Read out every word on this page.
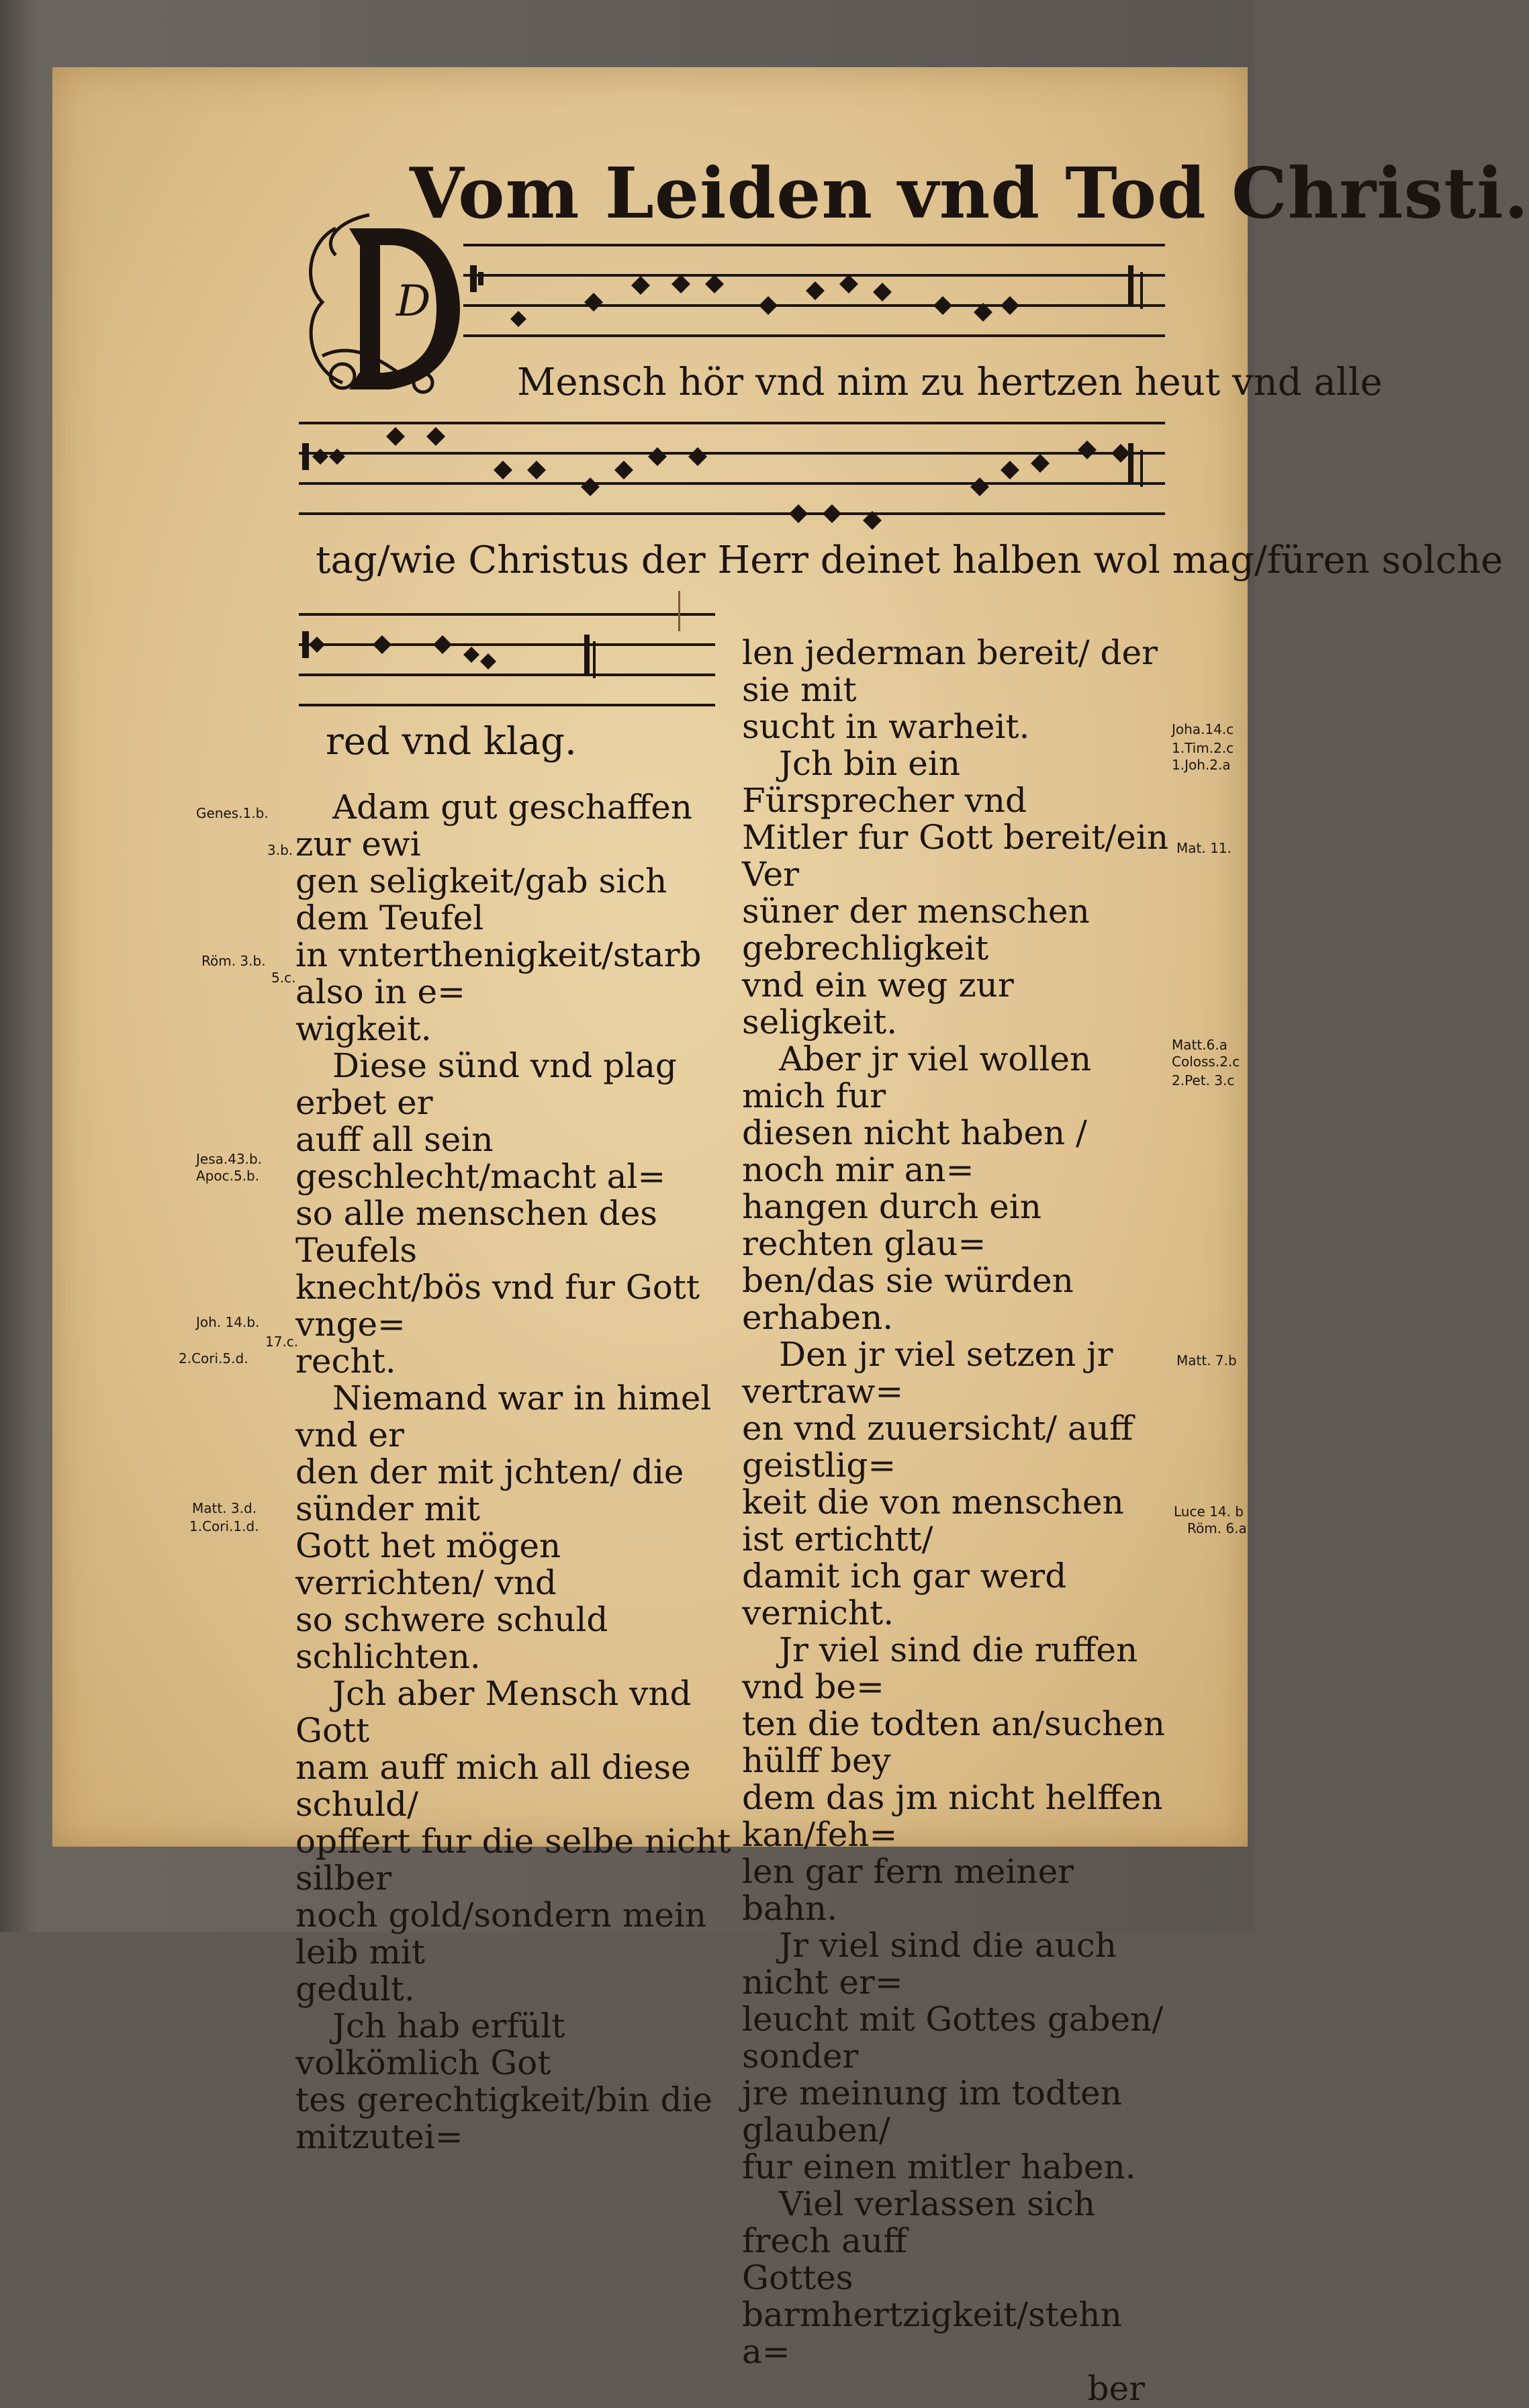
Vom Leiden vnd Tod Christi.
D
Mensch hör vnd nim zu hertzen heut vnd alle
tag/wie Christus der Herr deinet halben wol mag/füren solche
red vnd klag.

Adam gut geschaffen zur ewi

gen seligkeit/gab sich dem Teufel

in vnterthenigkeit/starb also in e=

wigkeit.

Diese sünd vnd plag erbet er

auff all sein geschlecht/macht al=

so alle menschen des Teufels

knecht/bös vnd fur Gott vnge=

recht.

Niemand war in himel vnd er

den der mit jchten/ die sünder mit

Gott het mögen verrichten/ vnd

so schwere schuld schlichten.

Jch aber Mensch vnd Gott

nam auff mich all diese schuld/

opffert fur die selbe nicht silber

noch gold/sondern mein leib mit

gedult.

Jch hab erfült volkömlich Got

tes gerechtigkeit/bin die mitzutei=

len jederman bereit/ der sie mit

sucht in warheit.

Jch bin ein Fürsprecher vnd

Mitler fur Gott bereit/ein Ver

süner der menschen gebrechligkeit

vnd ein weg zur seligkeit.

Aber jr viel wollen mich fur

diesen nicht haben / noch mir an=

hangen durch ein rechten glau=

ben/das sie würden erhaben.

Den jr viel setzen jr vertraw=

en vnd zuuersicht/ auff geistlig=

keit die von menschen ist ertichtt/

damit ich gar werd vernicht.

Jr viel sind die ruffen vnd be=

ten die todten an/suchen hülff bey

dem das jm nicht helffen kan/feh=

len gar fern meiner bahn.

Jr viel sind die auch nicht er=

leucht mit Gottes gaben/ sonder

jre meinung im todten glauben/

fur einen mitler haben.

Viel verlassen sich frech auff

Gottes barmhertzigkeit/stehn a=

ber

Genes.1.b.
3.b.
Röm. 3.b.
5.c.
Jesa.43.b.
Apoc.5.b.
Joh. 14.b.
17.c.
2.Cori.5.d.
Matt. 3.d.
1.Cori.1.d.
Joha.14.c
1.Tim.2.c
1.Joh.2.a
Mat. 11.
Matt.6.a
Coloss.2.c
2.Pet. 3.c
Matt. 7.b
Luce 14. b
Röm. 6.a
